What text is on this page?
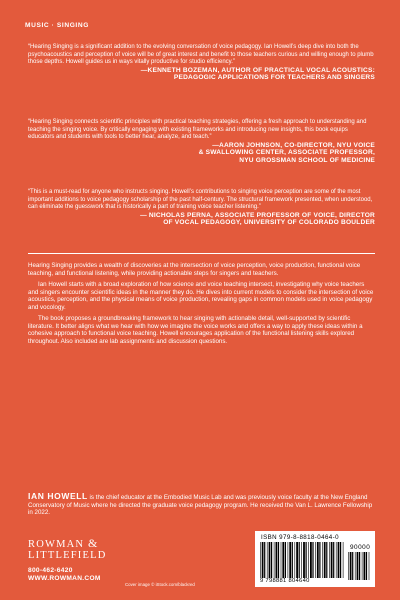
MUSIC · SINGING

“Hearing Singing is a significant addition to the evolving conversation of voice pedagogy. Ian Howell’s deep dive into both the psychoacoustics and perception of voice will be of great interest and benefit to those teachers curious and willing enough to plumb those depths. Howell guides us in ways vitally productive for studio efficiency.”

—KENNETH BOZEMAN, AUTHOR OF PRACTICAL VOCAL ACOUSTICS:
PEDAGOGIC APPLICATIONS FOR TEACHERS AND SINGERS

“Hearing Singing connects scientific principles with practical teaching strategies, offering a fresh approach to understanding and teaching the singing voice. By critically engaging with existing frameworks and introducing new insights, this book equips educators and students with tools to better hear, analyze, and teach.”

—AARON JOHNSON, CO-DIRECTOR, NYU VOICE
& SWALLOWING CENTER, ASSOCIATE PROFESSOR,
NYU GROSSMAN SCHOOL OF MEDICINE

“This is a must-read for anyone who instructs singing. Howell’s contributions to singing voice perception are some of the most important additions to voice pedagogy scholarship of the past half-century. The structural framework presented, when understood, can eliminate the guesswork that is historically a part of training voice teacher listening.”

— NICHOLAS PERNA, ASSOCIATE PROFESSOR OF VOICE, DIRECTOR
OF VOCAL PEDAGOGY, UNIVERSITY OF COLORADO BOULDER

Hearing Singing provides a wealth of discoveries at the intersection of voice perception, voice production, functional voice teaching, and functional listening, while providing actionable steps for singers and teachers.

Ian Howell starts with a broad exploration of how science and voice teaching intersect, investigating why voice teachers and singers encounter scientific ideas in the manner they do. He dives into current models to consider the intersection of voice acoustics, perception, and the physical means of voice production, revealing gaps in common models used in voice pedagogy and vocology.

The book proposes a groundbreaking framework to hear singing with actionable detail, well-supported by scientific literature. It better aligns what we hear with how we imagine the voice works and offers a way to apply these ideas within a cohesive approach to functional voice teaching. Howell encourages application of the functional listening skills explored throughout. Also included are lab assignments and discussion questions.

IAN HOWELL is the chief educator at the Embodied Music Lab and was previously voice faculty at the New England Conservatory of Music where he directed the graduate voice pedagogy program. He received the Van L. Lawrence Fellowship in 2022.
ROWMAN &
LITTLEFIELD
800-462-6420
WWW.ROWMAN.COM
Cover image © iStock.com/blackred
ISBN 979-8-8818-0464-0
90000
9 798881 804640
